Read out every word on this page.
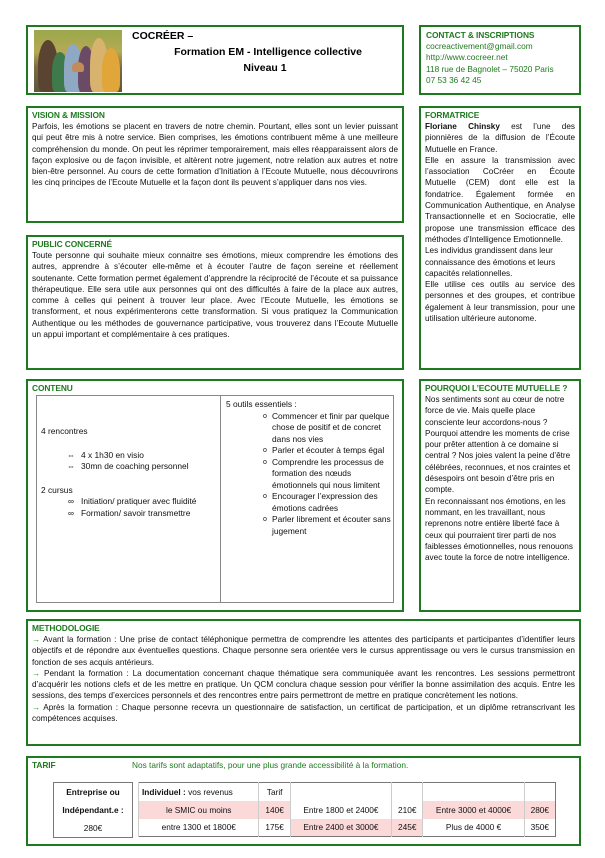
COCRÉER –
Formation EM - Intelligence collective
Niveau 1
CONTACT & INSCRIPTIONS
cocreactivement@gmail.com
http://www.cocreer.net
118 rue de Bagnolet – 75020 Paris
07 53 36 42 45
VISION & MISSION

Parfois, les émotions se placent en travers de notre chemin. Pourtant, elles sont un levier puissant qui peut être mis à notre service. Bien comprises, les émotions contribuent même à une meilleure compréhension du monde. On peut les réprimer temporairement, mais elles réapparaissent alors de façon explosive ou de façon invisible, et altèrent notre jugement, notre relation aux autres et notre bien-être personnel. Au cours de cette formation d’Initiation à l’Ecoute Mutuelle, nous découvrirons les cinq principes de l’Ecoute Mutuelle et la façon dont ils peuvent s’appliquer dans nos vies.

PUBLIC CONCERNÉ

Toute personne qui souhaite mieux connaitre ses émotions, mieux comprendre les émotions des autres, apprendre à s’écouter elle-même et à écouter l’autre de façon sereine et réellement soutenante. Cette formation permet également d’apprendre la réciprocité de l’écoute et sa puissance thérapeutique. Elle sera utile aux personnes qui ont des difficultés à faire de la place aux autres, comme à celles qui peinent à trouver leur place. Avec l’Ecoute Mutuelle, les émotions se transforment, et nous expérimenterons cette transformation. Si vous pratiquez la Communication Authentique ou les méthodes de gouvernance participative, vous trouverez dans l’Ecoute Mutuelle un appui important et complémentaire à ces pratiques.

FORMATRICE

Floriane Chinsky est l’une des pionnières de la diffusion de l’Écoute Mutuelle en France.

Elle en assure la transmission avec l’association CoCréer en Écoute Mutuelle (CEM) dont elle est la fondatrice. Également formée en Communication Authentique, en Analyse Transactionnelle et en Sociocratie, elle propose une transmission efficace des méthodes d’Intelligence Emotionnelle.

Les individus grandissent dans leur connaissance des émotions et leurs capacités relationnelles.

Elle utilise ces outils au service des personnes et des groupes, et contribue également à leur transmission, pour une utilisation ultérieure autonome.

CONTENU
4 rencontres
⇔ 4 x 1h30 en visio
⇔ 30mn de coaching personnel
2 cursus
∞ Initiation/ pratiquer avec fluidité
∞ Formation/ savoir transmettre
5 outils essentiels :
o Commencer et finir par quelque chose de positif et de concret dans nos vies
o Parler et écouter à temps égal
o Comprendre les processus de formation des nœuds émotionnels qui nous limitent
o Encourager l’expression des émotions cadrées
o Parler librement et écouter sans jugement
POURQUOI L’ECOUTE MUTUELLE ?

Nos sentiments sont au cœur de notre force de vie. Mais quelle place consciente leur accordons-nous ? Pourquoi attendre les moments de crise pour prêter attention à ce domaine si central ? Nos joies valent la peine d’être célébrées, reconnues, et nos craintes et désespoirs ont besoin d’être pris en compte.

En reconnaissant nos émotions, en les nommant, en les travaillant, nous reprenons notre entière liberté face à ceux qui pourraient tirer parti de nos faiblesses émotionnelles, nous renouons avec toute la force de notre intelligence.

METHODOLOGIE

→ Avant la formation : Une prise de contact téléphonique permettra de comprendre les attentes des participants et participantes d’identifier leurs objectifs et de répondre aux éventuelles questions. Chaque personne sera orientée vers le cursus apprentissage ou vers le cursus transmission en fonction de ses acquis antérieurs.

→ Pendant la formation : La documentation concernant chaque thématique sera communiquée avant les rencontres. Les sessions permettront d’acquérir les notions clefs et de les mettre en pratique. Un QCM conclura chaque session pour vérifier la bonne assimilation des acquis. Entre les sessions, des temps d’exercices personnels et des rencontres entre pairs permettront de mettre en pratique concrètement les notions.

→ Après la formation : Chaque personne recevra un questionnaire de satisfaction, un certificat de participation, et un diplôme retranscrivant les compétences acquises.

TARIF	Nos tarifs sont adaptatifs, pour une plus grande accessibilité à la formation.
Entreprise ou
Indépendant.e :
280€
Individuel : vos revenus	Tarif				
le SMIC ou moins	140€	Entre 1800 et 2400€	210€	Entre 3000 et 4000€	280€
entre 1300 et 1800€	175€	Entre 2400 et 3000€	245€	Plus de 4000 €	350€
